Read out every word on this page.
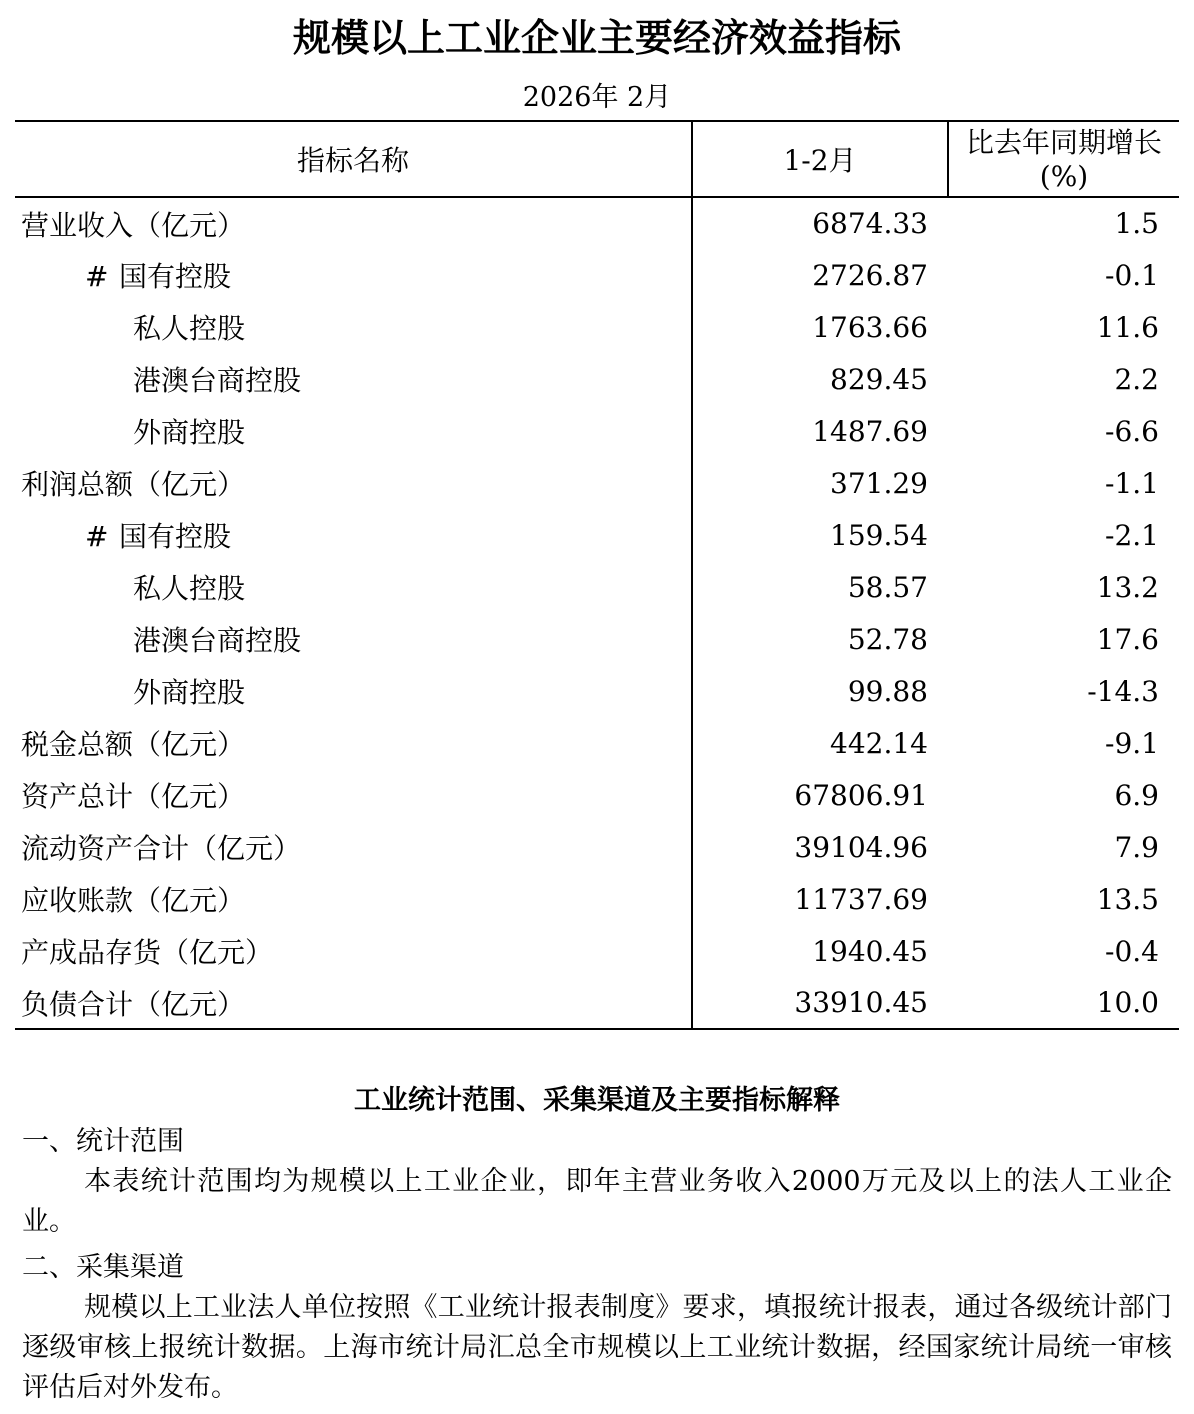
规模以上工业企业主要经济效益指标
2026年 2月
指标名称	1-2月	比去年同期增长(%)
营业收入（亿元）	6874.33	1.5
# 国有控股	2726.87	-0.1
私人控股	1763.66	11.6
港澳台商控股	829.45	2.2
外商控股	1487.69	-6.6
利润总额（亿元）	371.29	-1.1
# 国有控股	159.54	-2.1
私人控股	58.57	13.2
港澳台商控股	52.78	17.6
外商控股	99.88	-14.3
税金总额（亿元）	442.14	-9.1
资产总计（亿元）	67806.91	6.9
流动资产合计（亿元）	39104.96	7.9
应收账款（亿元）	11737.69	13.5
产成品存货（亿元）	1940.45	-0.4
负债合计（亿元）	33910.45	10.0
工业统计范围、采集渠道及主要指标解释

一、统计范围

本表统计范围均为规模以上工业企业，即年主营业务收入2000万元及以上的法人工业企业。

二、采集渠道

规模以上工业法人单位按照《工业统计报表制度》要求，填报统计报表，通过各级统计部门逐级审核上报统计数据。上海市统计局汇总全市规模以上工业统计数据，经国家统计局统一审核评估后对外发布。
